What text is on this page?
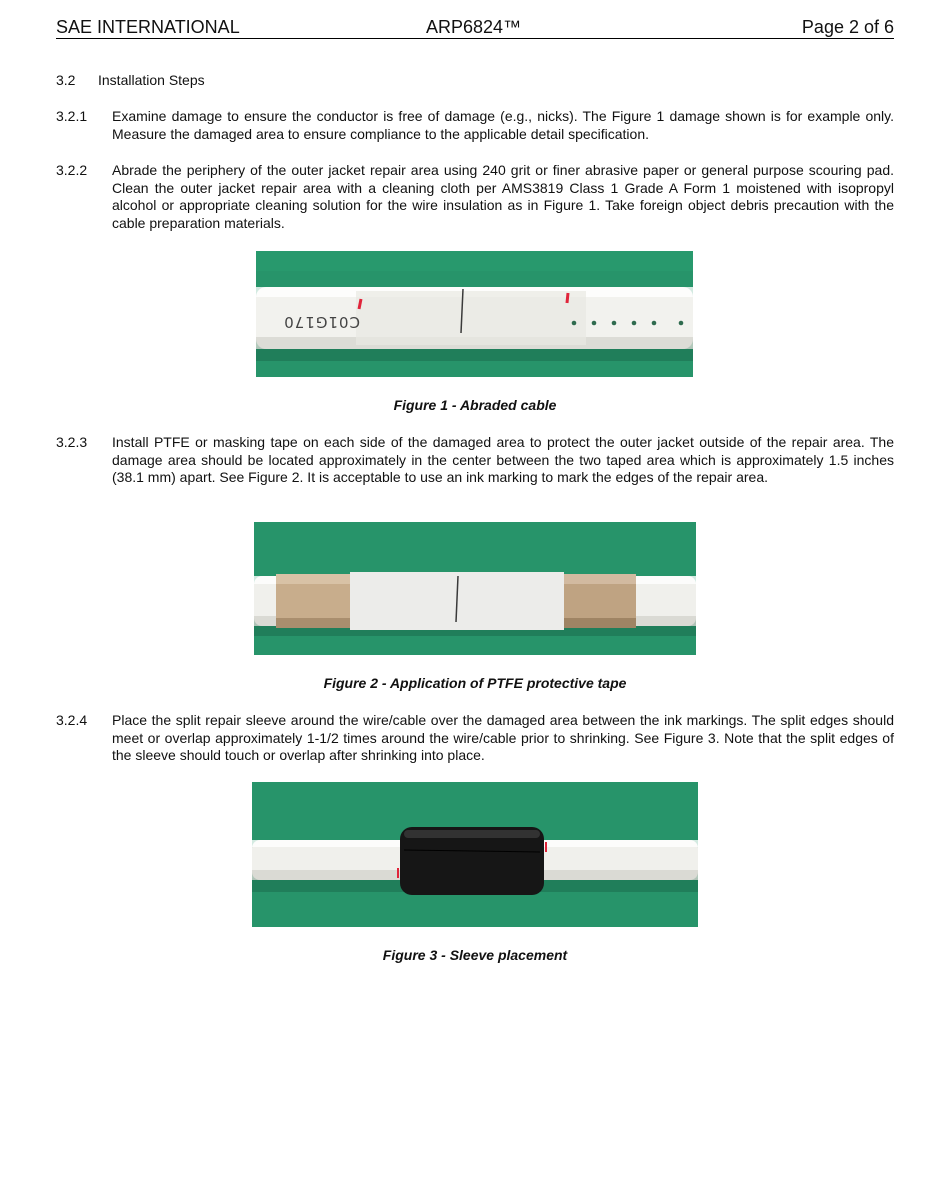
SAE INTERNATIONAL	ARP6824™	Page 2 of 6
3.2 Installation Steps
3.2.1 Examine damage to ensure the conductor is free of damage (e.g., nicks). The Figure 1 damage shown is for example only. Measure the damaged area to ensure compliance to the applicable detail specification.
3.2.2 Abrade the periphery of the outer jacket repair area using 240 grit or finer abrasive paper or general purpose scouring pad. Clean the outer jacket repair area with a cleaning cloth per AMS3819 Class 1 Grade A Form 1 moistened with isopropyl alcohol or appropriate cleaning solution for the wire insulation as in Figure 1. Take foreign object debris precaution with the cable preparation materials.
C01G170
Figure 1 - Abraded cable
3.2.3 Install PTFE or masking tape on each side of the damaged area to protect the outer jacket outside of the repair area. The damage area should be located approximately in the center between the two taped area which is approximately 1.5 inches (38.1 mm) apart. See Figure 2. It is acceptable to use an ink marking to mark the edges of the repair area.
Figure 2 - Application of PTFE protective tape
3.2.4 Place the split repair sleeve around the wire/cable over the damaged area between the ink markings. The split edges should meet or overlap approximately 1-1/2 times around the wire/cable prior to shrinking. See Figure 3. Note that the split edges of the sleeve should touch or overlap after shrinking into place.
Figure 3 - Sleeve placement
